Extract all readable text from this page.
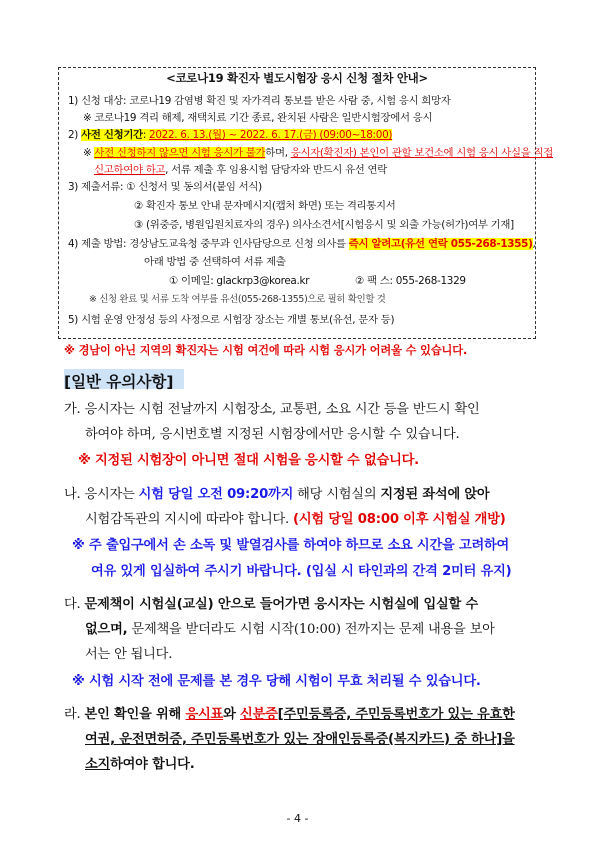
<코로나19 확진자 별도시험장 응시 신청 절차 안내>
1) 신청 대상: 코로나19 감염병 확진 및 자가격리 통보를 받은 사람 중, 시험 응시 희망자
※ 코로나19 격리 해제, 재택치료 기간 종료, 완치된 사람은 일반시험장에서 응시
2) 사전 신청기간: 2022. 6. 13.(월) ~ 2022. 6. 17.(금) (09:00~18:00)
※ 사전 신청하지 않으면 시험 응시가 불가하며, 응시자(확진자) 본인이 관할 보건소에 시험 응시 사실을 직접
신고하여야 하고, 서류 제출 후 임용시험 담당자와 반드시 유선 연락
3) 제출서류: ① 신청서 및 동의서(붙임 서식)
② 확진자 통보 안내 문자메시지(캡처 화면) 또는 격리통지서
③ (위중증, 병원입원치료자의 경우) 의사소견서[시험응시 및 외출 가능(허가)여부 기재]
4) 제출 방법: 경상남도교육청 중무과 인사담당으로 신청 의사를 즉시 알려고(유선 연락 055-268-1355),
아래 방법 중 선택하여 서류 제출
① 이메일: glackrp3@korea.kr	② 팩 스: 055-268-1329
※ 신청 완료 및 서류 도착 여부를 유선(055-268-1355)으로 필히 확인할 것
5) 시험 운영 안정성 등의 사정으로 시험장 장소는 개별 통보(유선, 문자 등)
※ 경남이 아닌 지역의 확진자는 시험 여건에 따라 시험 응시가 어려울 수 있습니다.
[일반 유의사항]
가. 응시자는 시험 전날까지 시험장소, 교통편, 소요 시간 등을 반드시 확인
하여야 하며, 응시번호별 지정된 시험장에서만 응시할 수 있습니다.
※ 지정된 시험장이 아니면 절대 시험을 응시할 수 없습니다.
나. 응시자는 시험 당일 오전 09:20까지 해당 시험실의 지정된 좌석에 앉아
시험감독관의 지시에 따라야 합니다. (시험 당일 08:00 이후 시험실 개방)
※ 주 출입구에서 손 소독 및 발열검사를 하여야 하므로 소요 시간을 고려하여
여유 있게 입실하여 주시기 바랍니다. (입실 시 타인과의 간격 2미터 유지)
다. 문제책이 시험실(교실) 안으로 들어가면 응시자는 시험실에 입실할 수
없으며, 문제책을 받더라도 시험 시작(10:00) 전까지는 문제 내용을 보아
서는 안 됩니다.
※ 시험 시작 전에 문제를 본 경우 당해 시험이 무효 처리될 수 있습니다.
라. 본인 확인을 위해 응시표와 신분증[주민등록증, 주민등록번호가 있는 유효한
여권, 운전면허증, 주민등록번호가 있는 장애인등록증(복지카드) 중 하나]을
소지하여야 합니다.
- 4 -
